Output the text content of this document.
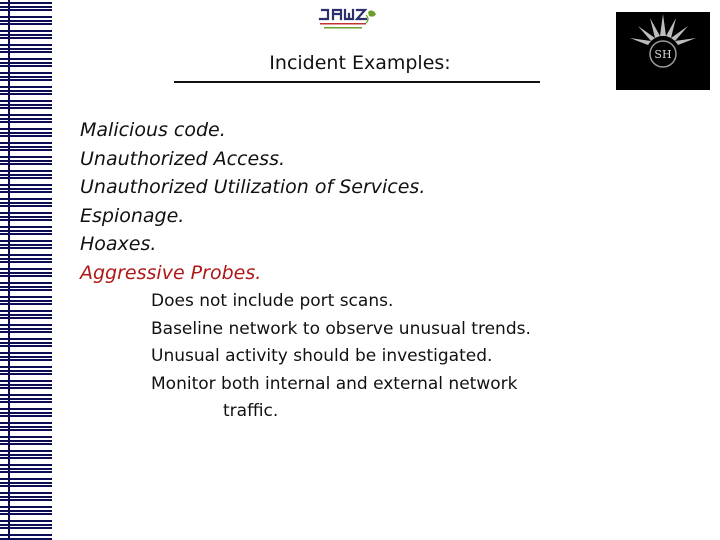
SH
Incident Examples:
Malicious code.
Unauthorized Access.
Unauthorized Utilization of Services.
Espionage.
Hoaxes.
Aggressive Probes.
Does not include port scans.
Baseline network to observe unusual trends.
Unusual activity should be investigated.
Monitor both internal and external network
traffic.
